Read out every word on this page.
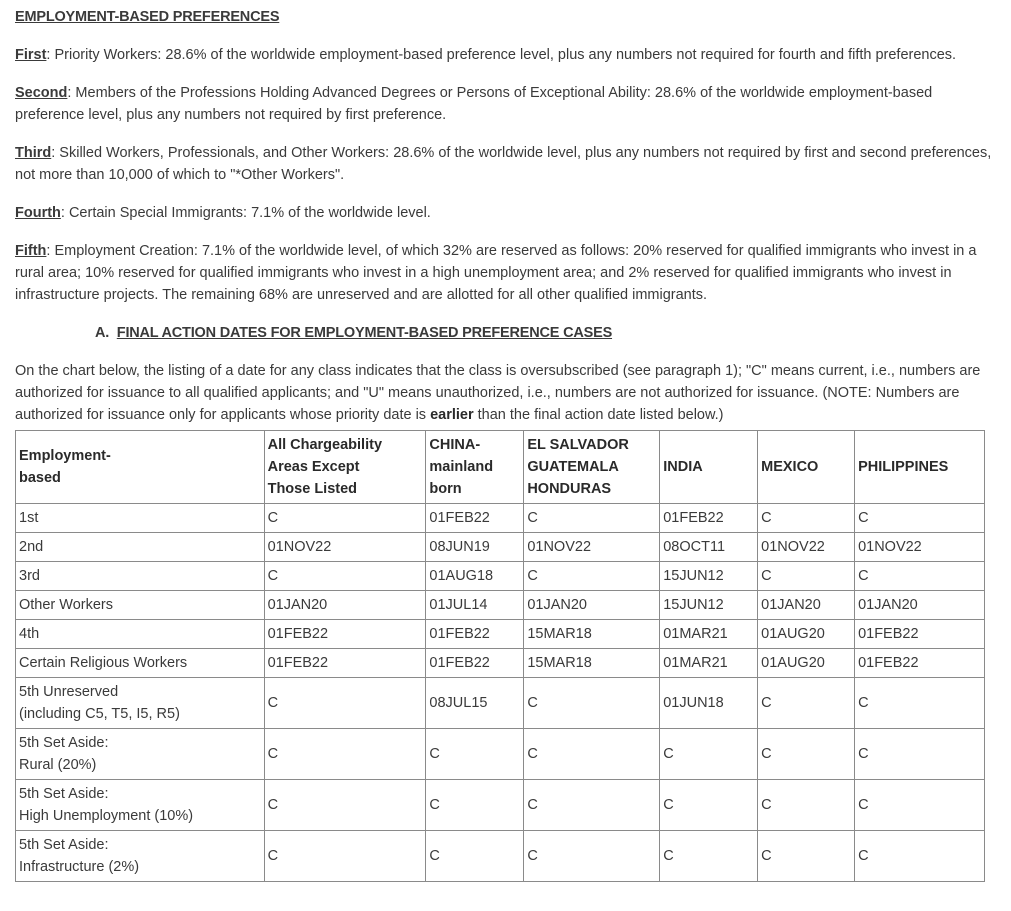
EMPLOYMENT-BASED PREFERENCES

First: Priority Workers: 28.6% of the worldwide employment-based preference level, plus any numbers not required for fourth and fifth preferences.

Second: Members of the Professions Holding Advanced Degrees or Persons of Exceptional Ability: 28.6% of the worldwide employment-based preference level, plus any numbers not required by first preference.

Third: Skilled Workers, Professionals, and Other Workers: 28.6% of the worldwide level, plus any numbers not required by first and second preferences, not more than 10,000 of which to "*Other Workers".

Fourth: Certain Special Immigrants: 7.1% of the worldwide level.

Fifth: Employment Creation: 7.1% of the worldwide level, of which 32% are reserved as follows: 20% reserved for qualified immigrants who invest in a rural area; 10% reserved for qualified immigrants who invest in a high unemployment area; and 2% reserved for qualified immigrants who invest in infrastructure projects. The remaining 68% are unreserved and are allotted for all other qualified immigrants.

A. FINAL ACTION DATES FOR EMPLOYMENT-BASED PREFERENCE CASES

On the chart below, the listing of a date for any class indicates that the class is oversubscribed (see paragraph 1); "C" means current, i.e., numbers are authorized for issuance to all qualified applicants; and "U" means unauthorized, i.e., numbers are not authorized for issuance. (NOTE: Numbers are authorized for issuance only for applicants whose priority date is earlier than the final action date listed below.)

Employment-
based	All Chargeability
Areas Except
Those Listed	CHINA-
mainland
born	EL SALVADOR
GUATEMALA
HONDURAS	INDIA	MEXICO	PHILIPPINES
1st	C	01FEB22	C	01FEB22	C	C
2nd	01NOV22	08JUN19	01NOV22	08OCT11	01NOV22	01NOV22
3rd	C	01AUG18	C	15JUN12	C	C
Other Workers	01JAN20	01JUL14	01JAN20	15JUN12	01JAN20	01JAN20
4th	01FEB22	01FEB22	15MAR18	01MAR21	01AUG20	01FEB22
Certain Religious Workers	01FEB22	01FEB22	15MAR18	01MAR21	01AUG20	01FEB22
5th Unreserved
(including C5, T5, I5, R5)	C	08JUL15	C	01JUN18	C	C
5th Set Aside:
Rural (20%)	C	C	C	C	C	C
5th Set Aside:
High Unemployment (10%)	C	C	C	C	C	C
5th Set Aside:
Infrastructure (2%)	C	C	C	C	C	C
